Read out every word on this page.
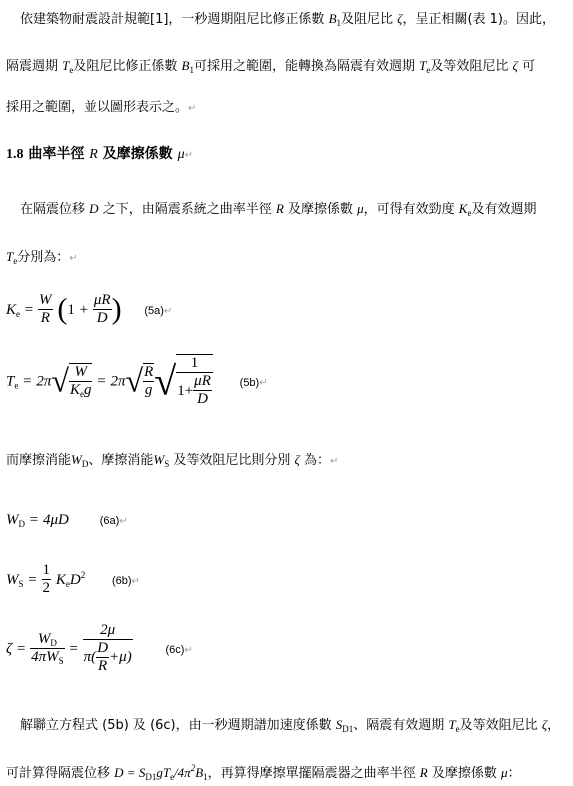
依建築物耐震設計規範[1]，一秒週期阻尼比修正係數 $B_1$及阻尼比 ζ，呈正相關(表 1)。因此，
隔震週期 $T_e$及阻尼比修正係數 $B_1$可採用之範圍，能轉換為隔震有效週期 $T_e$及等效阻尼比 ζ 可
採用之範圍，並以圖形表示之。↵
1.8 曲率半徑 R 及摩擦係數 μ↵
在隔震位移 D 之下，由隔震系統之曲率半徑 R 及摩擦係數 μ，可得有效勁度 $K_e$及有效週期
$T_e$分別為：↵
$K_e = \frac{W}{R} (1 + \frac{\mu R}{D}$ ) (5a)↵
$T_e = 2\pi√ \frac{W}{K_eg} = 2\pi√ \frac{R}{g}$ √ $\frac{1}{1+ \frac{\mu R}{D}}$ (5b)↵
而摩擦消能$W_D$、摩擦消能$W_S$ 及等效阻尼比則分別 ζ 為：↵
$W_D = 4\mu D$	(6a)↵
$W_S = \frac{1}{2} K_eD^2$ (6b)↵
$\zeta = \frac{W_D}{4\pi W_S} = \frac{2\mu}{\pi( \frac{D}{R} +\mu)}$	(6c)↵
解聯立方程式 (5b) 及 (6c)，由一秒週期譜加速度係數 $S_{D1}$、隔震有效週期 $T_e$及等效阻尼比 ζ，
可計算得隔震位移 $D = S_{D1}gT_e/4\pi^2B_1$，再算得摩擦單擺隔震器之曲率半徑 R 及摩擦係數 μ：
